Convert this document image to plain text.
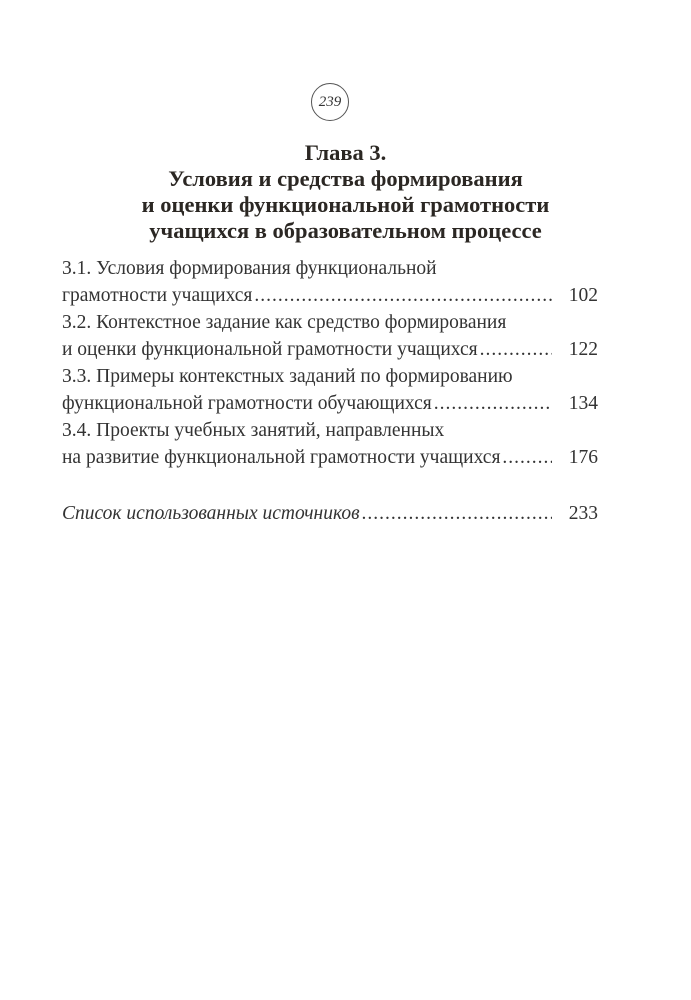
239
Глава 3.
Условия и средства формирования
и оценки функциональной грамотности
учащихся в образовательном процессе
3.1. Условия формирования функциональной
грамотности учащихся .....	102
3.2. Контекстное задание как средство формирования
и оценки функциональной грамотности учащихся .....	122
3.3. Примеры контекстных заданий по формированию
функциональной грамотности обучающихся .....	134
3.4. Проекты учебных занятий, направленных
на развитие функциональной грамотности учащихся .....	176
Список использованных источников .....	233
